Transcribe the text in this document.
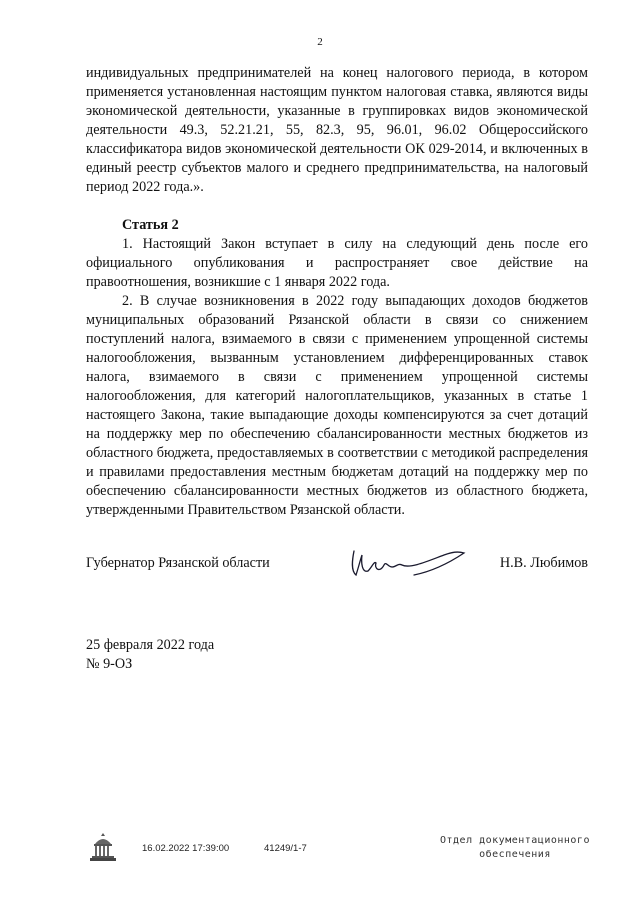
2

индивидуальных предпринимателей на конец налогового периода, в котором применяется установленная настоящим пунктом налоговая ставка, являются виды экономической деятельности, указанные в группировках видов экономической деятельности 49.3, 52.21.21, 55, 82.3, 95, 96.01, 96.02 Общероссийского классификатора видов экономической деятельности ОК 029-2014, и включенных в единый реестр субъектов малого и среднего предпринимательства, на налоговый период 2022 года.».

Статья 2

1. Настоящий Закон вступает в силу на следующий день после его официального опубликования и распространяет свое действие на правоотношения, возникшие с 1 января 2022 года.

2. В случае возникновения в 2022 году выпадающих доходов бюджетов муниципальных образований Рязанской области в связи со снижением поступлений налога, взимаемого в связи с применением упрощенной системы налогообложения, вызванным установлением дифференцированных ставок налога, взимаемого в связи с применением упрощенной системы налогообложения, для категорий налогоплательщиков, указанных в статье 1 настоящего Закона, такие выпадающие доходы компенсируются за счет дотаций на поддержку мер по обеспечению сбалансированности местных бюджетов из областного бюджета, предоставляемых в соответствии с методикой распределения и правилами предоставления местным бюджетам дотаций на поддержку мер по обеспечению сбалансированности местных бюджетов из областного бюджета, утвержденными Правительством Рязанской области.

Губернатор Рязанской области	Н.В. Любимов
25 февраля 2022 года
№ 9-ОЗ
16.02.2022 17:39:00	41249/1-7
Отдел документационного
обеспечения
